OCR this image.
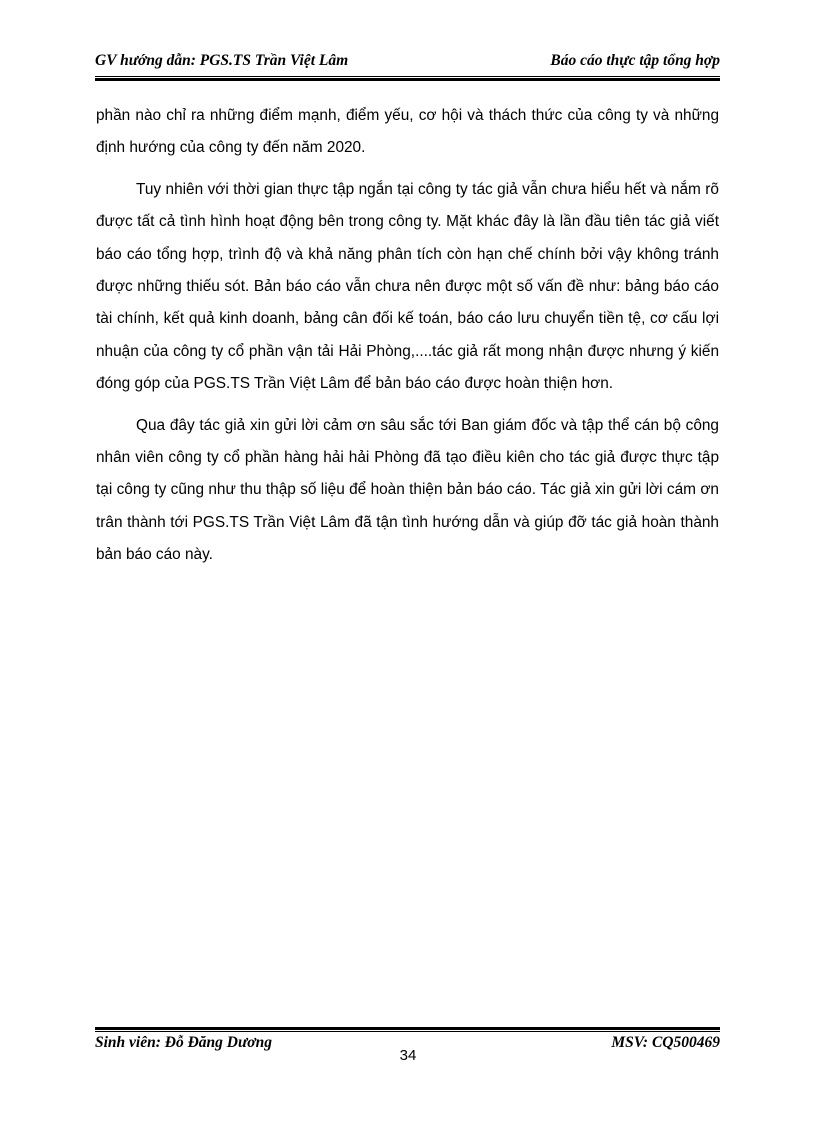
GV hướng dẫn: PGS.TS Trần Việt Lâm	Báo cáo thực tập tổng hợp

phần nào chỉ ra những điểm mạnh, điểm yếu, cơ hội và thách thức của công ty và những định hướng của công ty đến năm 2020.

Tuy nhiên với thời gian thực tập ngắn tại công ty tác giả vẫn chưa hiểu hết và nắm rõ được tất cả tình hình hoạt động bên trong công ty. Mặt khác đây là lần đầu tiên tác giả viết báo cáo tổng hợp, trình độ và khả năng phân tích còn hạn chế chính bởi vậy không tránh được những thiếu sót. Bản báo cáo vẫn chưa nên được một số vấn đề như: bảng báo cáo tài chính, kết quả kinh doanh, bảng cân đối kế toán, báo cáo lưu chuyển tiền tệ, cơ cấu lợi nhuận của công ty cổ phần vận tải Hải Phòng,....tác giả rất mong nhận được nhưng ý kiến đóng góp của PGS.TS Trần Việt Lâm để bản báo cáo được hoàn thiện hơn.

Qua đây tác giả xin gửi lời cảm ơn sâu sắc tới Ban giám đốc và tập thể cán bộ công nhân viên công ty cổ phần hàng hải hải Phòng đã tạo điều kiên cho tác giả được thực tập tại công ty cũng như thu thập số liệu để hoàn thiện bản báo cáo. Tác giả xin gửi lời cám ơn trân thành tới PGS.TS Trần Việt Lâm đã tận tình hướng dẫn và giúp đỡ tác giả hoàn thành bản báo cáo này.

Sinh viên: Đỗ Đăng Dương	MSV: CQ500469
34
